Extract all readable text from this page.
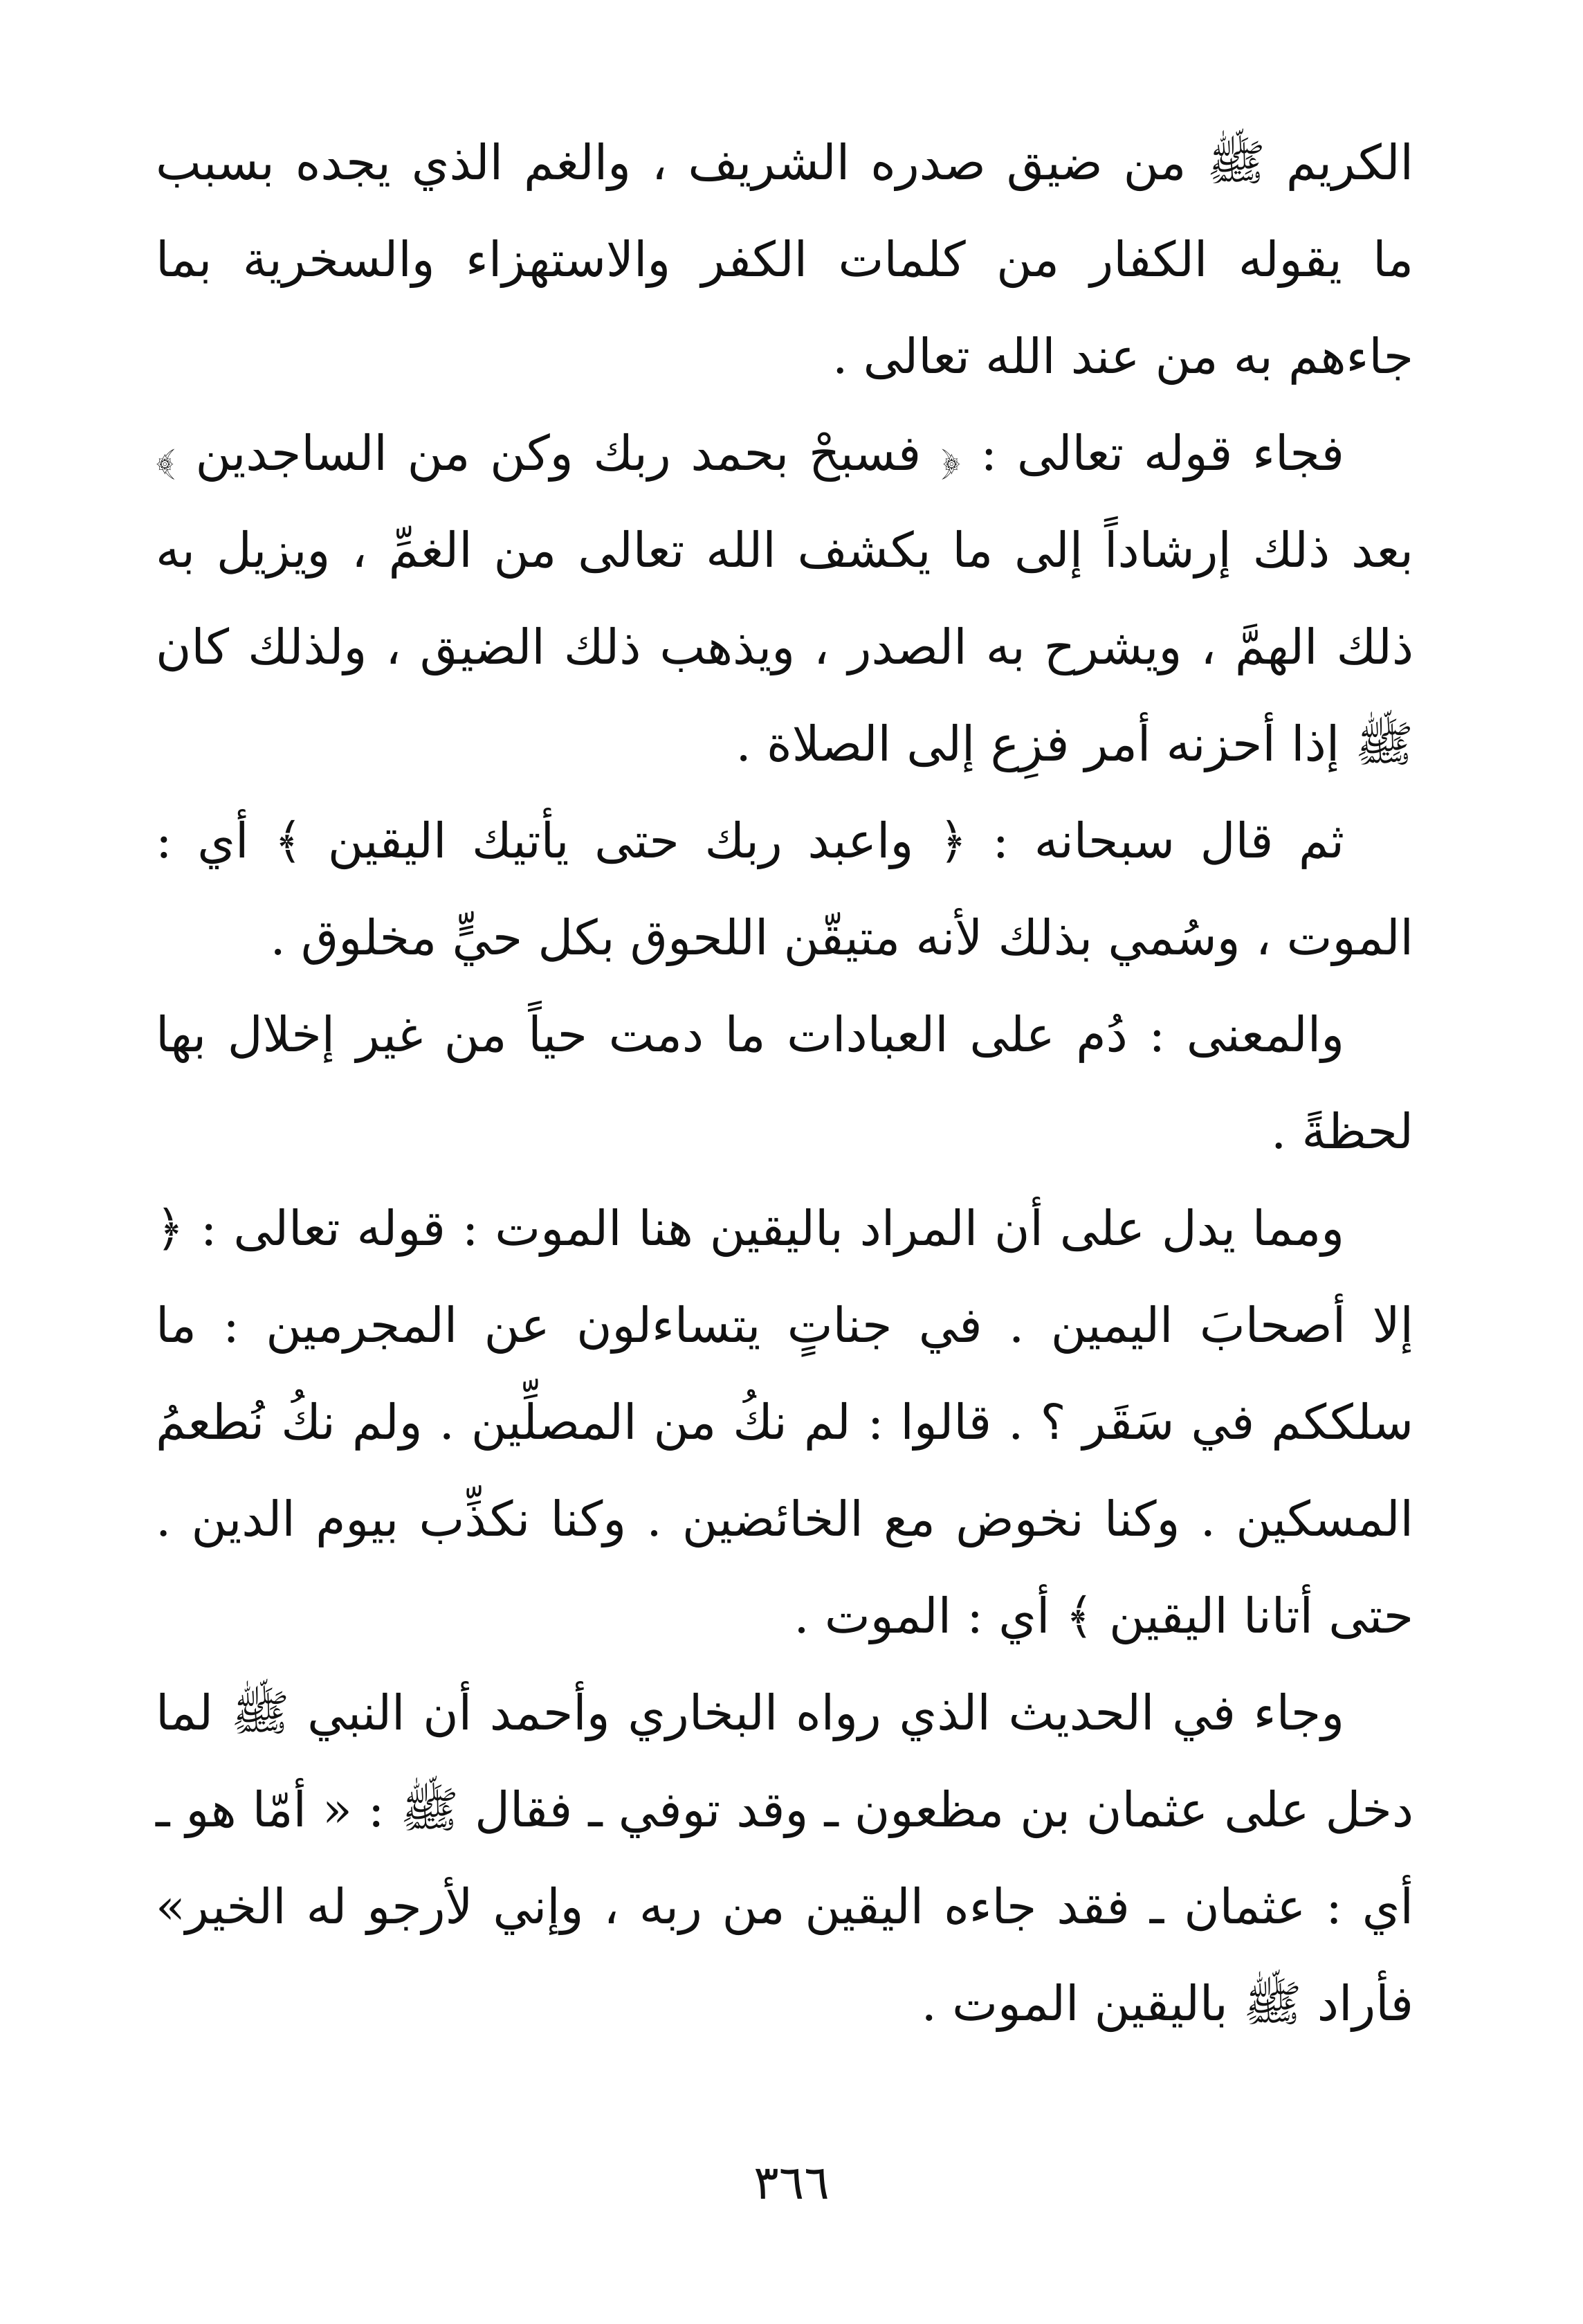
الكريم ﷺ من ضيق صدره الشريف ، والغم الذي يجده بسبب ما يقوله الكفار من كلمات الكفر والاستهزاء والسخرية بما جاءهم به من عند الله تعالى .

فجاء قوله تعالى : ﴿ فسبحْ بحمد ربك وكن من الساجدين ﴾ بعد ذلك إرشاداً إلى ما يكشف الله تعالى من الغمِّ ، ويزيل به ذلك الهمَّ ، ويشرح به الصدر ، ويذهب ذلك الضيق ، ولذلك كان ﷺ إذا أحزنه أمر فزِع إلى الصلاة .

ثم قال سبحانه : ﴿ واعبد ربك حتى يأتيك اليقين ﴾ أي : الموت ، وسُمي بذلك لأنه متيقّن اللحوق بكل حيٍّ مخلوق .

والمعنى : دُم على العبادات ما دمت حياً من غير إخلال بها لحظةً .

ومما يدل على أن المراد باليقين هنا الموت : قوله تعالى : ﴿ إلا أصحابَ اليمين . في جناتٍ يتساءلون عن المجرمين : ما سلككم في سَقَر ؟ . قالوا : لم نكُ من المصلِّين . ولم نكُ نُطعمُ المسكين . وكنا نخوض مع الخائضين . وكنا نكذِّب بيوم الدين . حتى أتانا اليقين ﴾ أي : الموت .

وجاء في الحديث الذي رواه البخاري وأحمد أن النبي ﷺ لما دخل على عثمان بن مظعون ـ وقد توفي ـ فقال ﷺ : « أمّا هو ـ أي : عثمان ـ فقد جاءه اليقين من ربه ، وإني لأرجو له الخير» فأراد ﷺ باليقين الموت .

٣٦٦
